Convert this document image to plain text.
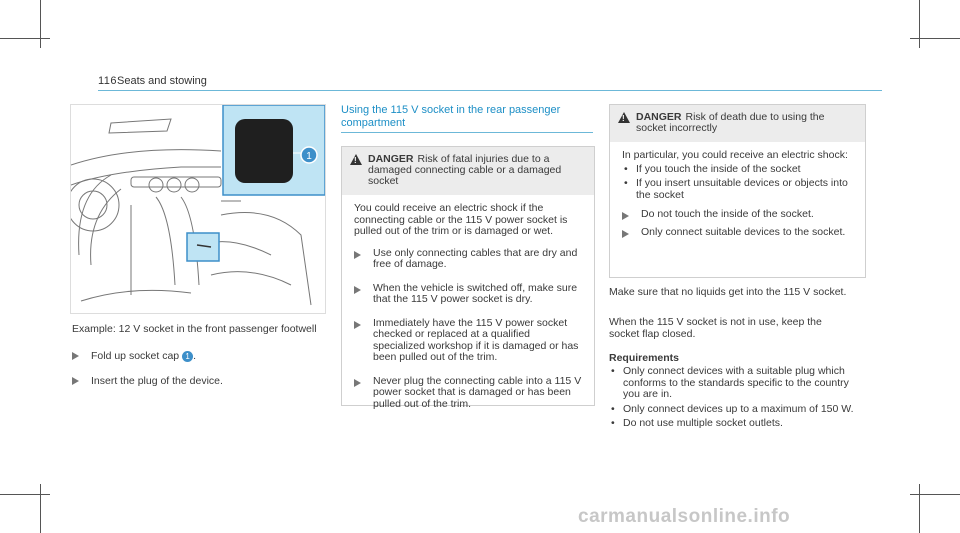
116 Seats and stowing
1
Example: 12 V socket in the front passenger footwell
Fold up socket cap 1 .
Insert the plug of the device.
Using the 115 V socket in the rear passenger compartment
!
DANGER Risk of fatal injuries due to a damaged connecting cable or a damaged socket

You could receive an electric shock if the connecting cable or the 115 V power socket is pulled out of the trim or is damaged or wet.

Use only connecting cables that are dry and free of damage.
When the vehicle is switched off, make sure that the 115 V power socket is dry.
Immediately have the 115 V power socket checked or replaced at a qualified specialized workshop if it is damaged or has been pulled out of the trim.
Never plug the connecting cable into a 115 V power socket that is damaged or has been pulled out of the trim.
!
DANGER Risk of death due to using the socket incorrectly
In particular, you could receive an electric shock:
• If you touch the inside of the socket
• If you insert unsuitable devices or objects into the socket
Do not touch the inside of the socket.
Only connect suitable devices to the socket.
Make sure that no liquids get into the 115 V socket.
When the 115 V socket is not in use, keep the socket flap closed.
Requirements
• Only connect devices with a suitable plug which conforms to the standards specific to the country you are in.
• Only connect devices up to a maximum of 150 W.
• Do not use multiple socket outlets.
carmanualsonline.info
